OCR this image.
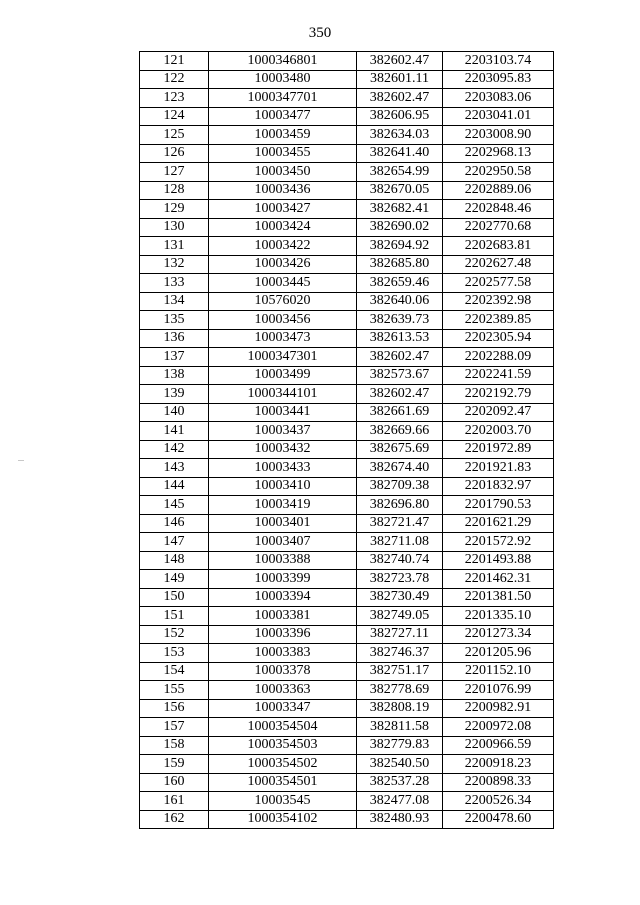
350
121	1000346801	382602.47	2203103.74
122	10003480	382601.11	2203095.83
123	1000347701	382602.47	2203083.06
124	10003477	382606.95	2203041.01
125	10003459	382634.03	2203008.90
126	10003455	382641.40	2202968.13
127	10003450	382654.99	2202950.58
128	10003436	382670.05	2202889.06
129	10003427	382682.41	2202848.46
130	10003424	382690.02	2202770.68
131	10003422	382694.92	2202683.81
132	10003426	382685.80	2202627.48
133	10003445	382659.46	2202577.58
134	10576020	382640.06	2202392.98
135	10003456	382639.73	2202389.85
136	10003473	382613.53	2202305.94
137	1000347301	382602.47	2202288.09
138	10003499	382573.67	2202241.59
139	1000344101	382602.47	2202192.79
140	10003441	382661.69	2202092.47
141	10003437	382669.66	2202003.70
142	10003432	382675.69	2201972.89
143	10003433	382674.40	2201921.83
144	10003410	382709.38	2201832.97
145	10003419	382696.80	2201790.53
146	10003401	382721.47	2201621.29
147	10003407	382711.08	2201572.92
148	10003388	382740.74	2201493.88
149	10003399	382723.78	2201462.31
150	10003394	382730.49	2201381.50
151	10003381	382749.05	2201335.10
152	10003396	382727.11	2201273.34
153	10003383	382746.37	2201205.96
154	10003378	382751.17	2201152.10
155	10003363	382778.69	2201076.99
156	10003347	382808.19	2200982.91
157	1000354504	382811.58	2200972.08
158	1000354503	382779.83	2200966.59
159	1000354502	382540.50	2200918.23
160	1000354501	382537.28	2200898.33
161	10003545	382477.08	2200526.34
162	1000354102	382480.93	2200478.60
